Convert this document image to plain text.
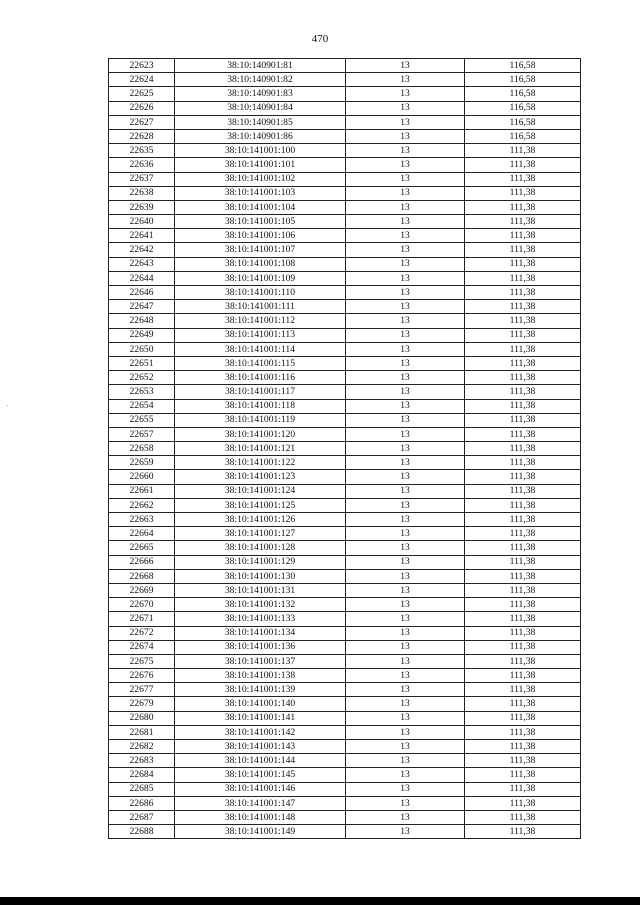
470
22623	38:10:140901:81	13	116,58
22624	38:10:140901:82	13	116,58
22625	38:10:140901:83	13	116,58
22626	38:10:140901:84	13	116,58
22627	38:10:140901:85	13	116,58
22628	38:10:140901:86	13	116,58
22635	38:10:141001:100	13	111,38
22636	38:10:141001:101	13	111,38
22637	38:10:141001:102	13	111,38
22638	38:10:141001:103	13	111,38
22639	38:10:141001:104	13	111,38
22640	38:10:141001:105	13	111,38
22641	38:10:141001:106	13	111,38
22642	38:10:141001:107	13	111,38
22643	38:10:141001:108	13	111,38
22644	38:10:141001:109	13	111,38
22646	38:10:141001:110	13	111,38
22647	38:10:141001:111	13	111,38
22648	38:10:141001:112	13	111,38
22649	38:10:141001:113	13	111,38
22650	38:10:141001:114	13	111,38
22651	38:10:141001:115	13	111,38
22652	38:10:141001:116	13	111,38
22653	38:10:141001:117	13	111,38
22654	38:10:141001:118	13	111,38
22655	38:10:141001:119	13	111,38
22657	38:10:141001:120	13	111,38
22658	38:10:141001:121	13	111,38
22659	38:10:141001:122	13	111,38
22660	38:10:141001:123	13	111,38
22661	38:10:141001:124	13	111,38
22662	38:10:141001:125	13	111,38
22663	38:10:141001:126	13	111,38
22664	38:10:141001:127	13	111,38
22665	38:10:141001:128	13	111,38
22666	38:10:141001:129	13	111,38
22668	38:10:141001:130	13	111,38
22669	38:10:141001:131	13	111,38
22670	38:10:141001:132	13	111,38
22671	38:10:141001:133	13	111,38
22672	38:10:141001:134	13	111,38
22674	38:10:141001:136	13	111,38
22675	38:10:141001:137	13	111,38
22676	38:10:141001:138	13	111,38
22677	38:10:141001:139	13	111,38
22679	38:10:141001:140	13	111,38
22680	38:10:141001:141	13	111,38
22681	38:10:141001:142	13	111,38
22682	38:10:141001:143	13	111,38
22683	38:10:141001:144	13	111,38
22684	38:10:141001:145	13	111,38
22685	38:10:141001:146	13	111,38
22686	38:10:141001:147	13	111,38
22687	38:10:141001:148	13	111,38
22688	38:10:141001:149	13	111,38
